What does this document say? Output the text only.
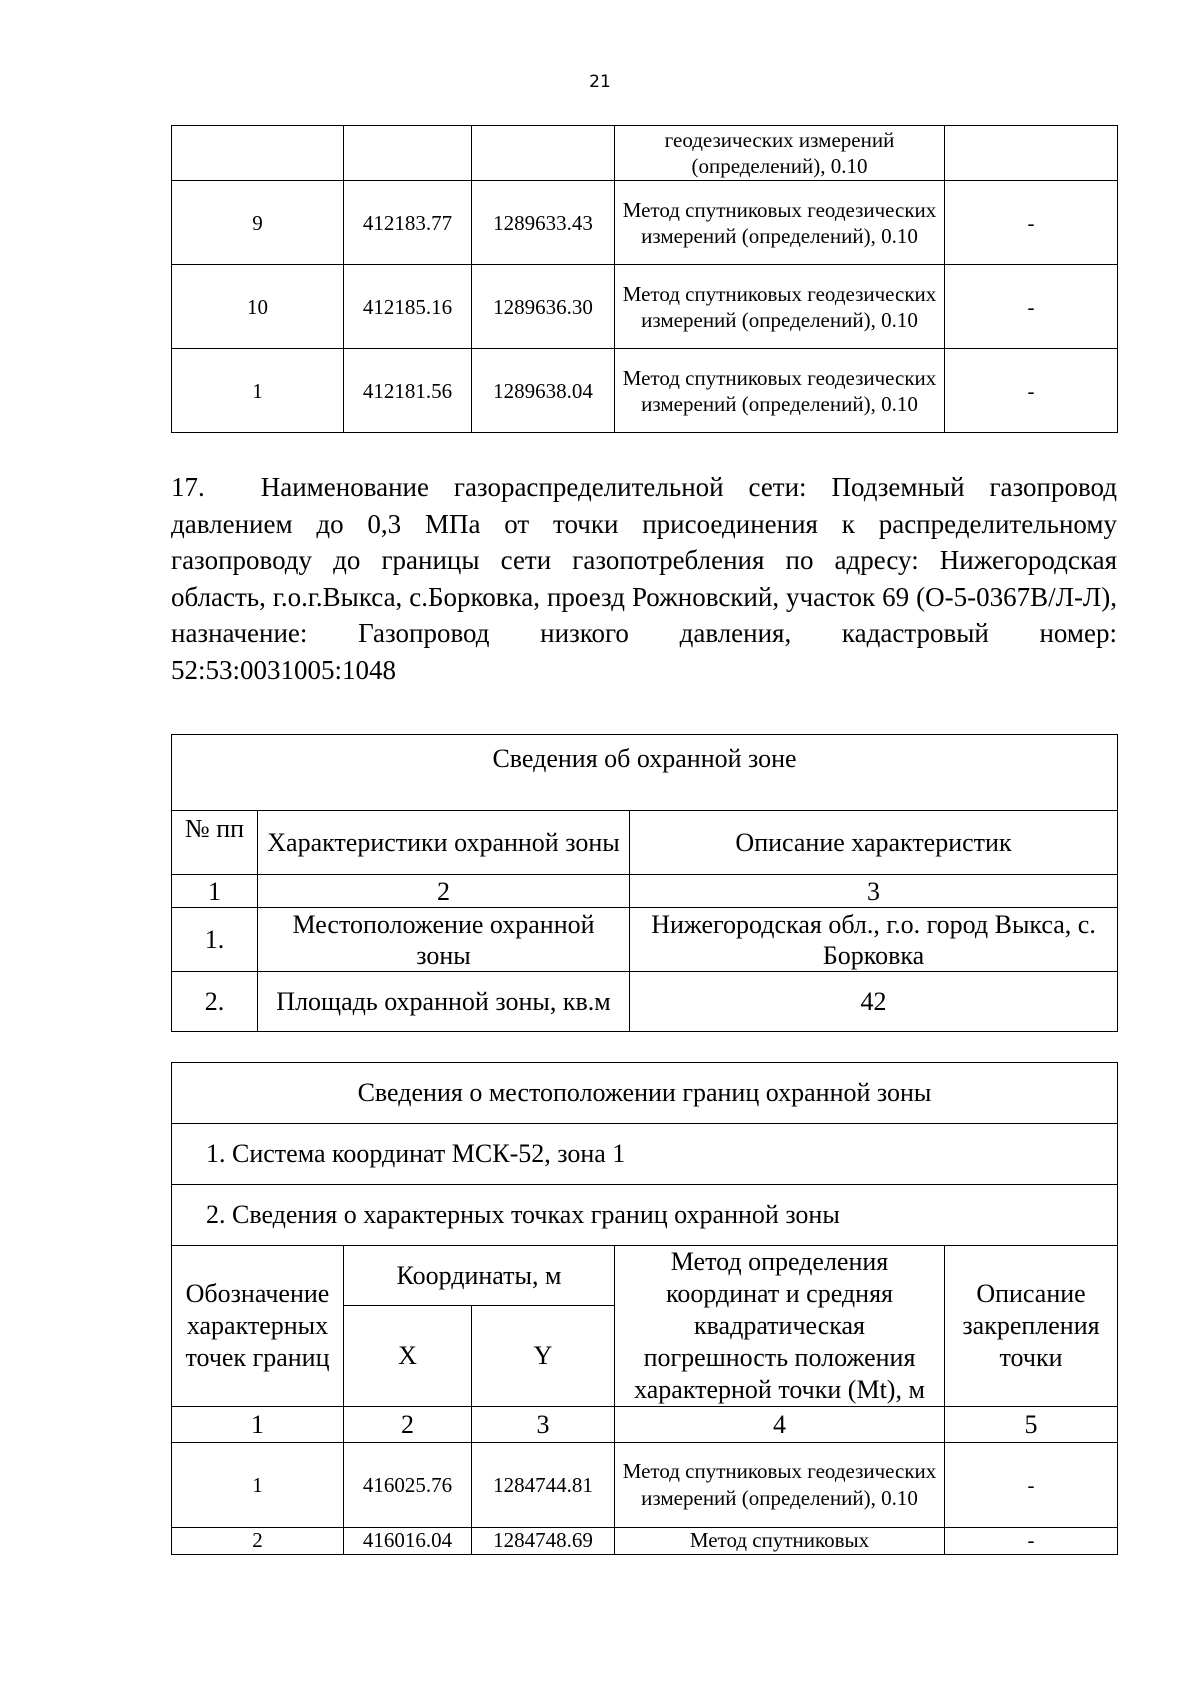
21
			геодезических измерений (определений), 0.10	
9	412183.77	1289633.43	Метод спутниковых геодезических измерений (определений), 0.10	-
10	412185.16	1289636.30	Метод спутниковых геодезических измерений (определений), 0.10	-
1	412181.56	1289638.04	Метод спутниковых геодезических измерений (определений), 0.10	-

17. Наименование газораспределительной сети: Подземный газопровод давлением до 0,3 МПа от точки присоединения к распределительному газопроводу до границы сети газопотребления по адресу: Нижегородская область, г.о.г.Выкса, с.Борковка, проезд Рожновский, участок 69 (О-5-0367В/Л-Л), назначение: Газопровод низкого давления, кадастровый номер: 52:53:0031005:1048

Сведения об охранной зоне		
№ пп	Характеристики охранной зоны	Описание характеристик
1	2	3
1.	Местоположение охранной зоны	Нижегородская обл., г.о. город Выкса, с. Борковка
2.	Площадь охранной зоны, кв.м	42
Сведения о местоположении границ охранной зоны				
1. Система координат МСК-52, зона 1				
2. Сведения о характерных точках границ охранной зоны				
Обозначение характерных точек границ	Координаты, м		Метод определения координат и средняя квадратическая погрешность положения характерной точки (Mt), м	Описание закрепления точки
	X	Y		
1	2	3	4	5
1	416025.76	1284744.81	Метод спутниковых геодезических измерений (определений), 0.10	-
2	416016.04	1284748.69	Метод спутниковых	-
